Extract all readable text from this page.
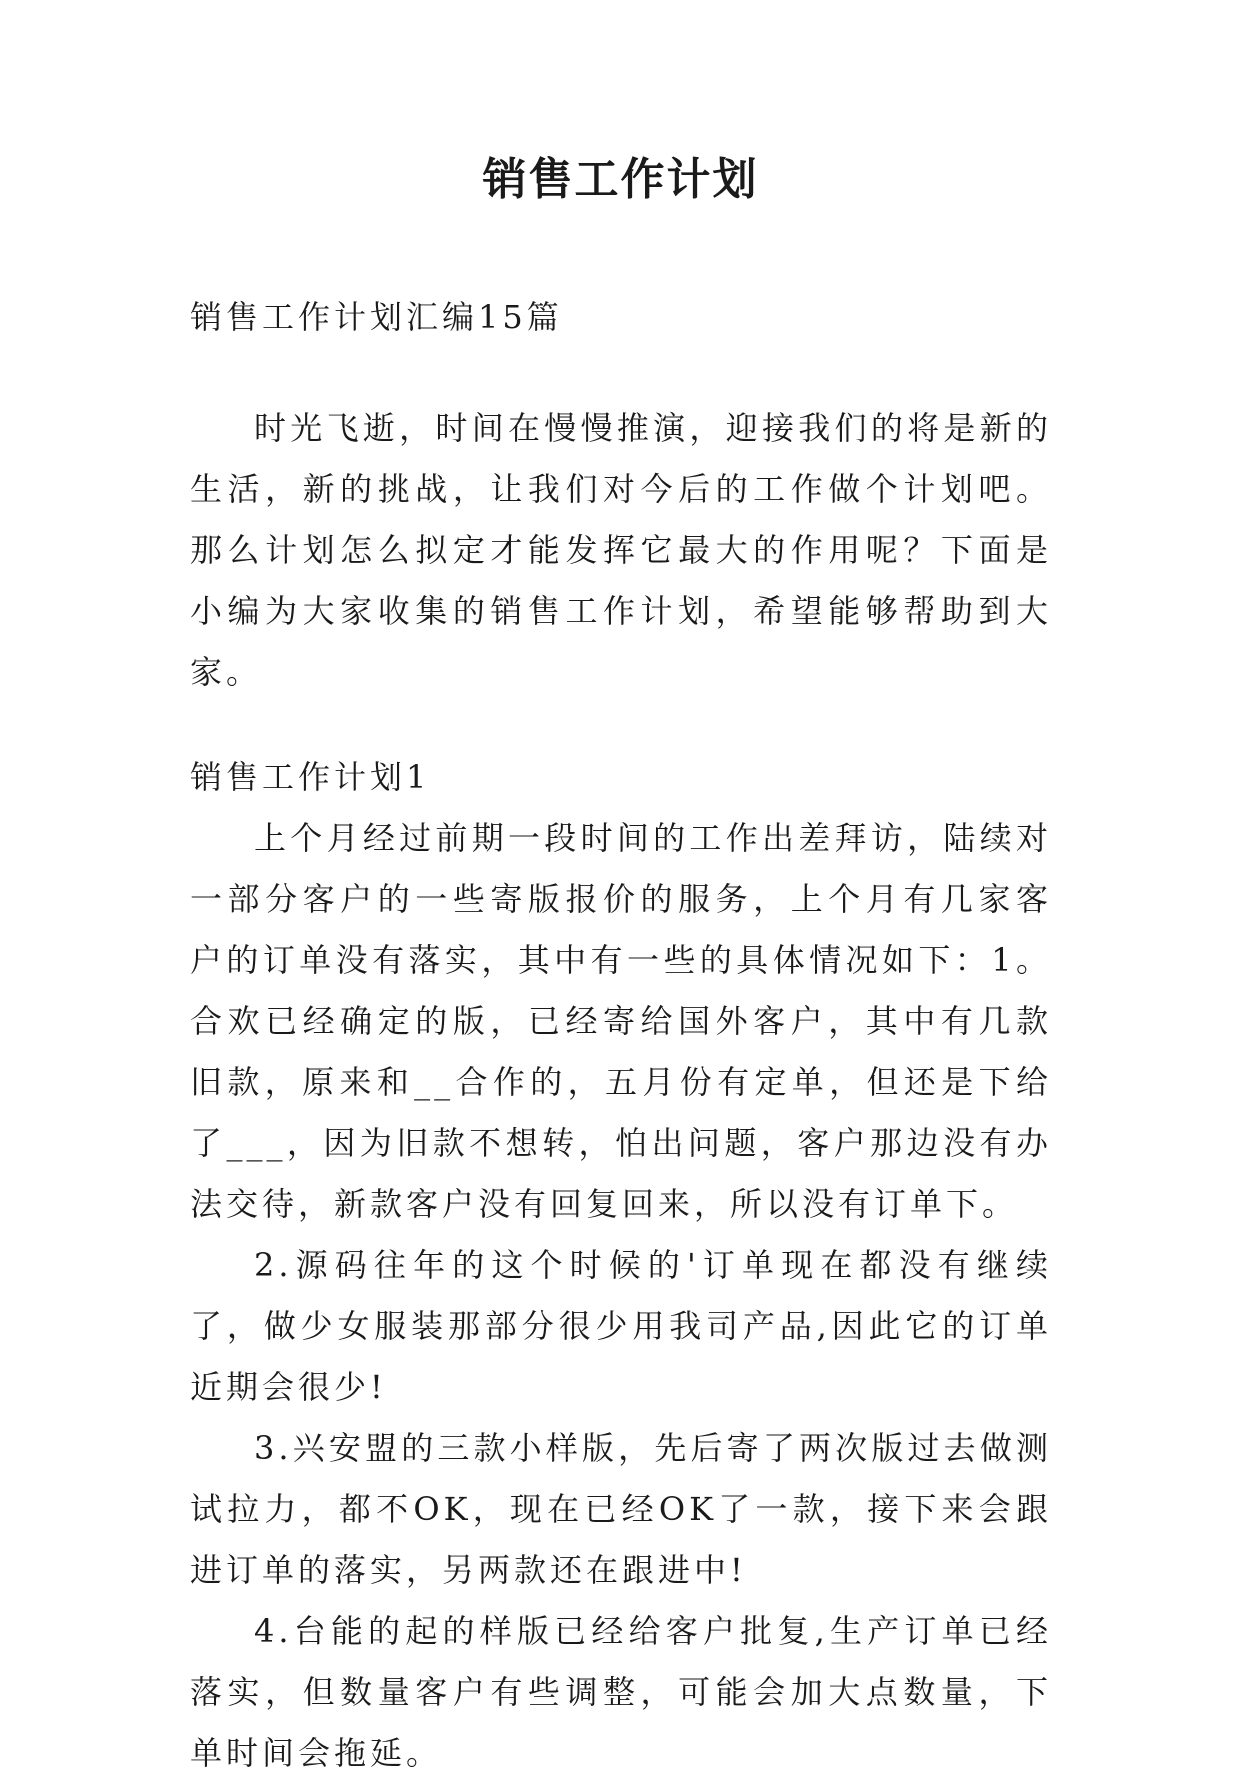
销售工作计划

销售工作计划汇编15篇

时光飞逝，时间在慢慢推演，迎接我们的将是新的生活，新的挑战，让我们对今后的工作做个计划吧。那么计划怎么拟定才能发挥它最大的作用呢？下面是小编为大家收集的销售工作计划，希望能够帮助到大家。

销售工作计划1

上个月经过前期一段时间的工作出差拜访，陆续对一部分客户的一些寄版报价的服务，上个月有几家客户的订单没有落实，其中有一些的具体情况如下：1。合欢已经确定的版，已经寄给国外客户，其中有几款旧款，原来和__合作的，五月份有定单，但还是下给了___，因为旧款不想转，怕出问题，客户那边没有办法交待，新款客户没有回复回来，所以没有订单下。

2.源码往年的这个时候的'订单现在都没有继续了，做少女服装那部分很少用我司产品,因此它的订单近期会很少!

3.兴安盟的三款小样版，先后寄了两次版过去做测试拉力，都不OK，现在已经OK了一款，接下来会跟进订单的落实，另两款还在跟进中!

4.台能的起的样版已经给客户批复,生产订单已经落实，但数量客户有些调整，可能会加大点数量，下单时间会拖延。
